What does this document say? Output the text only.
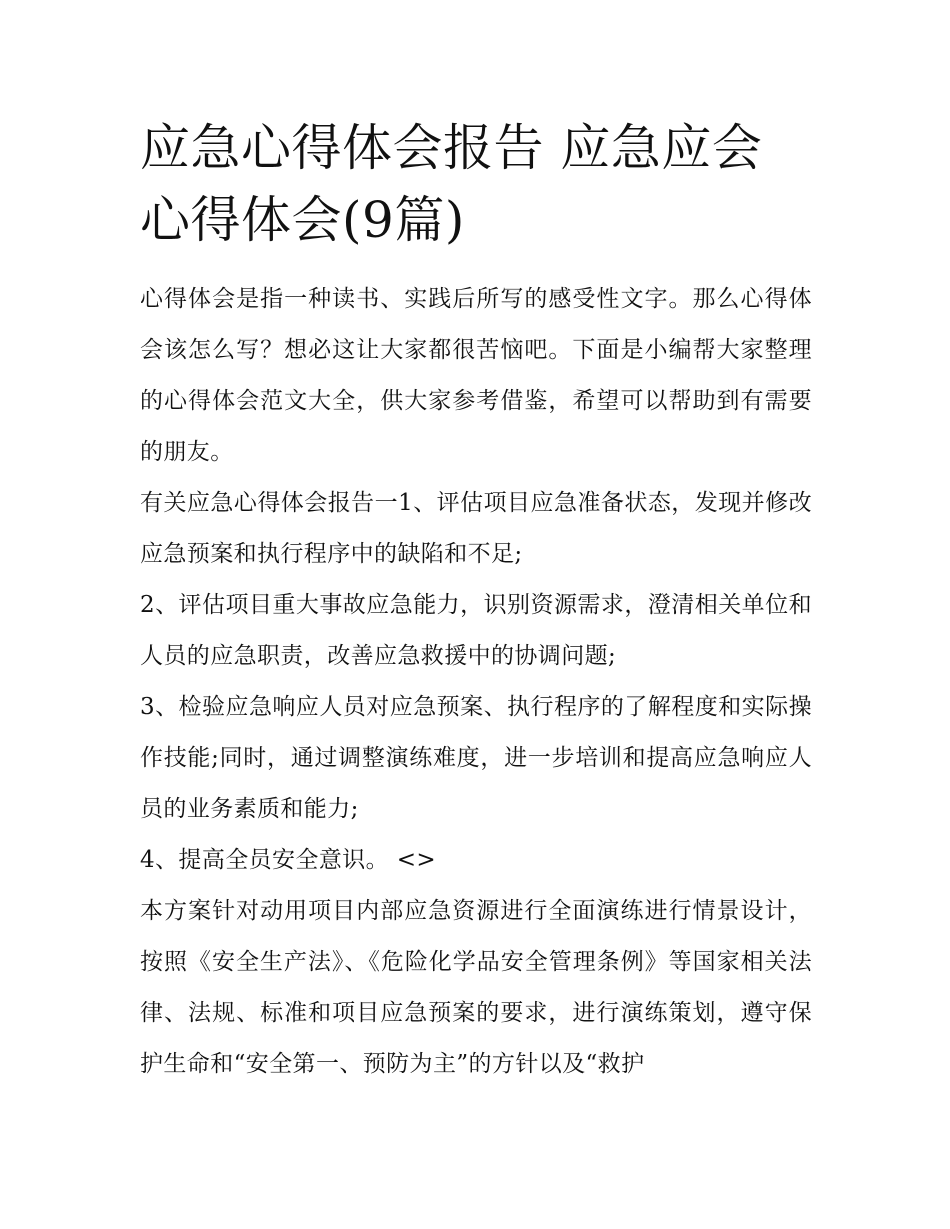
应急心得体会报告 应急应会心得体会(9篇)

心得体会是指一种读书、实践后所写的感受性文字。那么心得体会该怎么写？想必这让大家都很苦恼吧。下面是小编帮大家整理的心得体会范文大全，供大家参考借鉴，希望可以帮助到有需要的朋友。

有关应急心得体会报告一1、评估项目应急准备状态，发现并修改应急预案和执行程序中的缺陷和不足;

2、评估项目重大事故应急能力，识别资源需求，澄清相关单位和人员的应急职责，改善应急救援中的协调问题;

3、检验应急响应人员对应急预案、执行程序的了解程度和实际操作技能;同时，通过调整演练难度，进一步培训和提高应急响应人员的业务素质和能力;

4、提高全员安全意识。 <>

本方案针对动用项目内部应急资源进行全面演练进行情景设计，按照《安全生产法》、《危险化学品安全管理条例》等国家相关法律、法规、标准和项目应急预案的要求，进行演练策划，遵守保护生命和“安全第一、预防为主”的方针以及“救护
